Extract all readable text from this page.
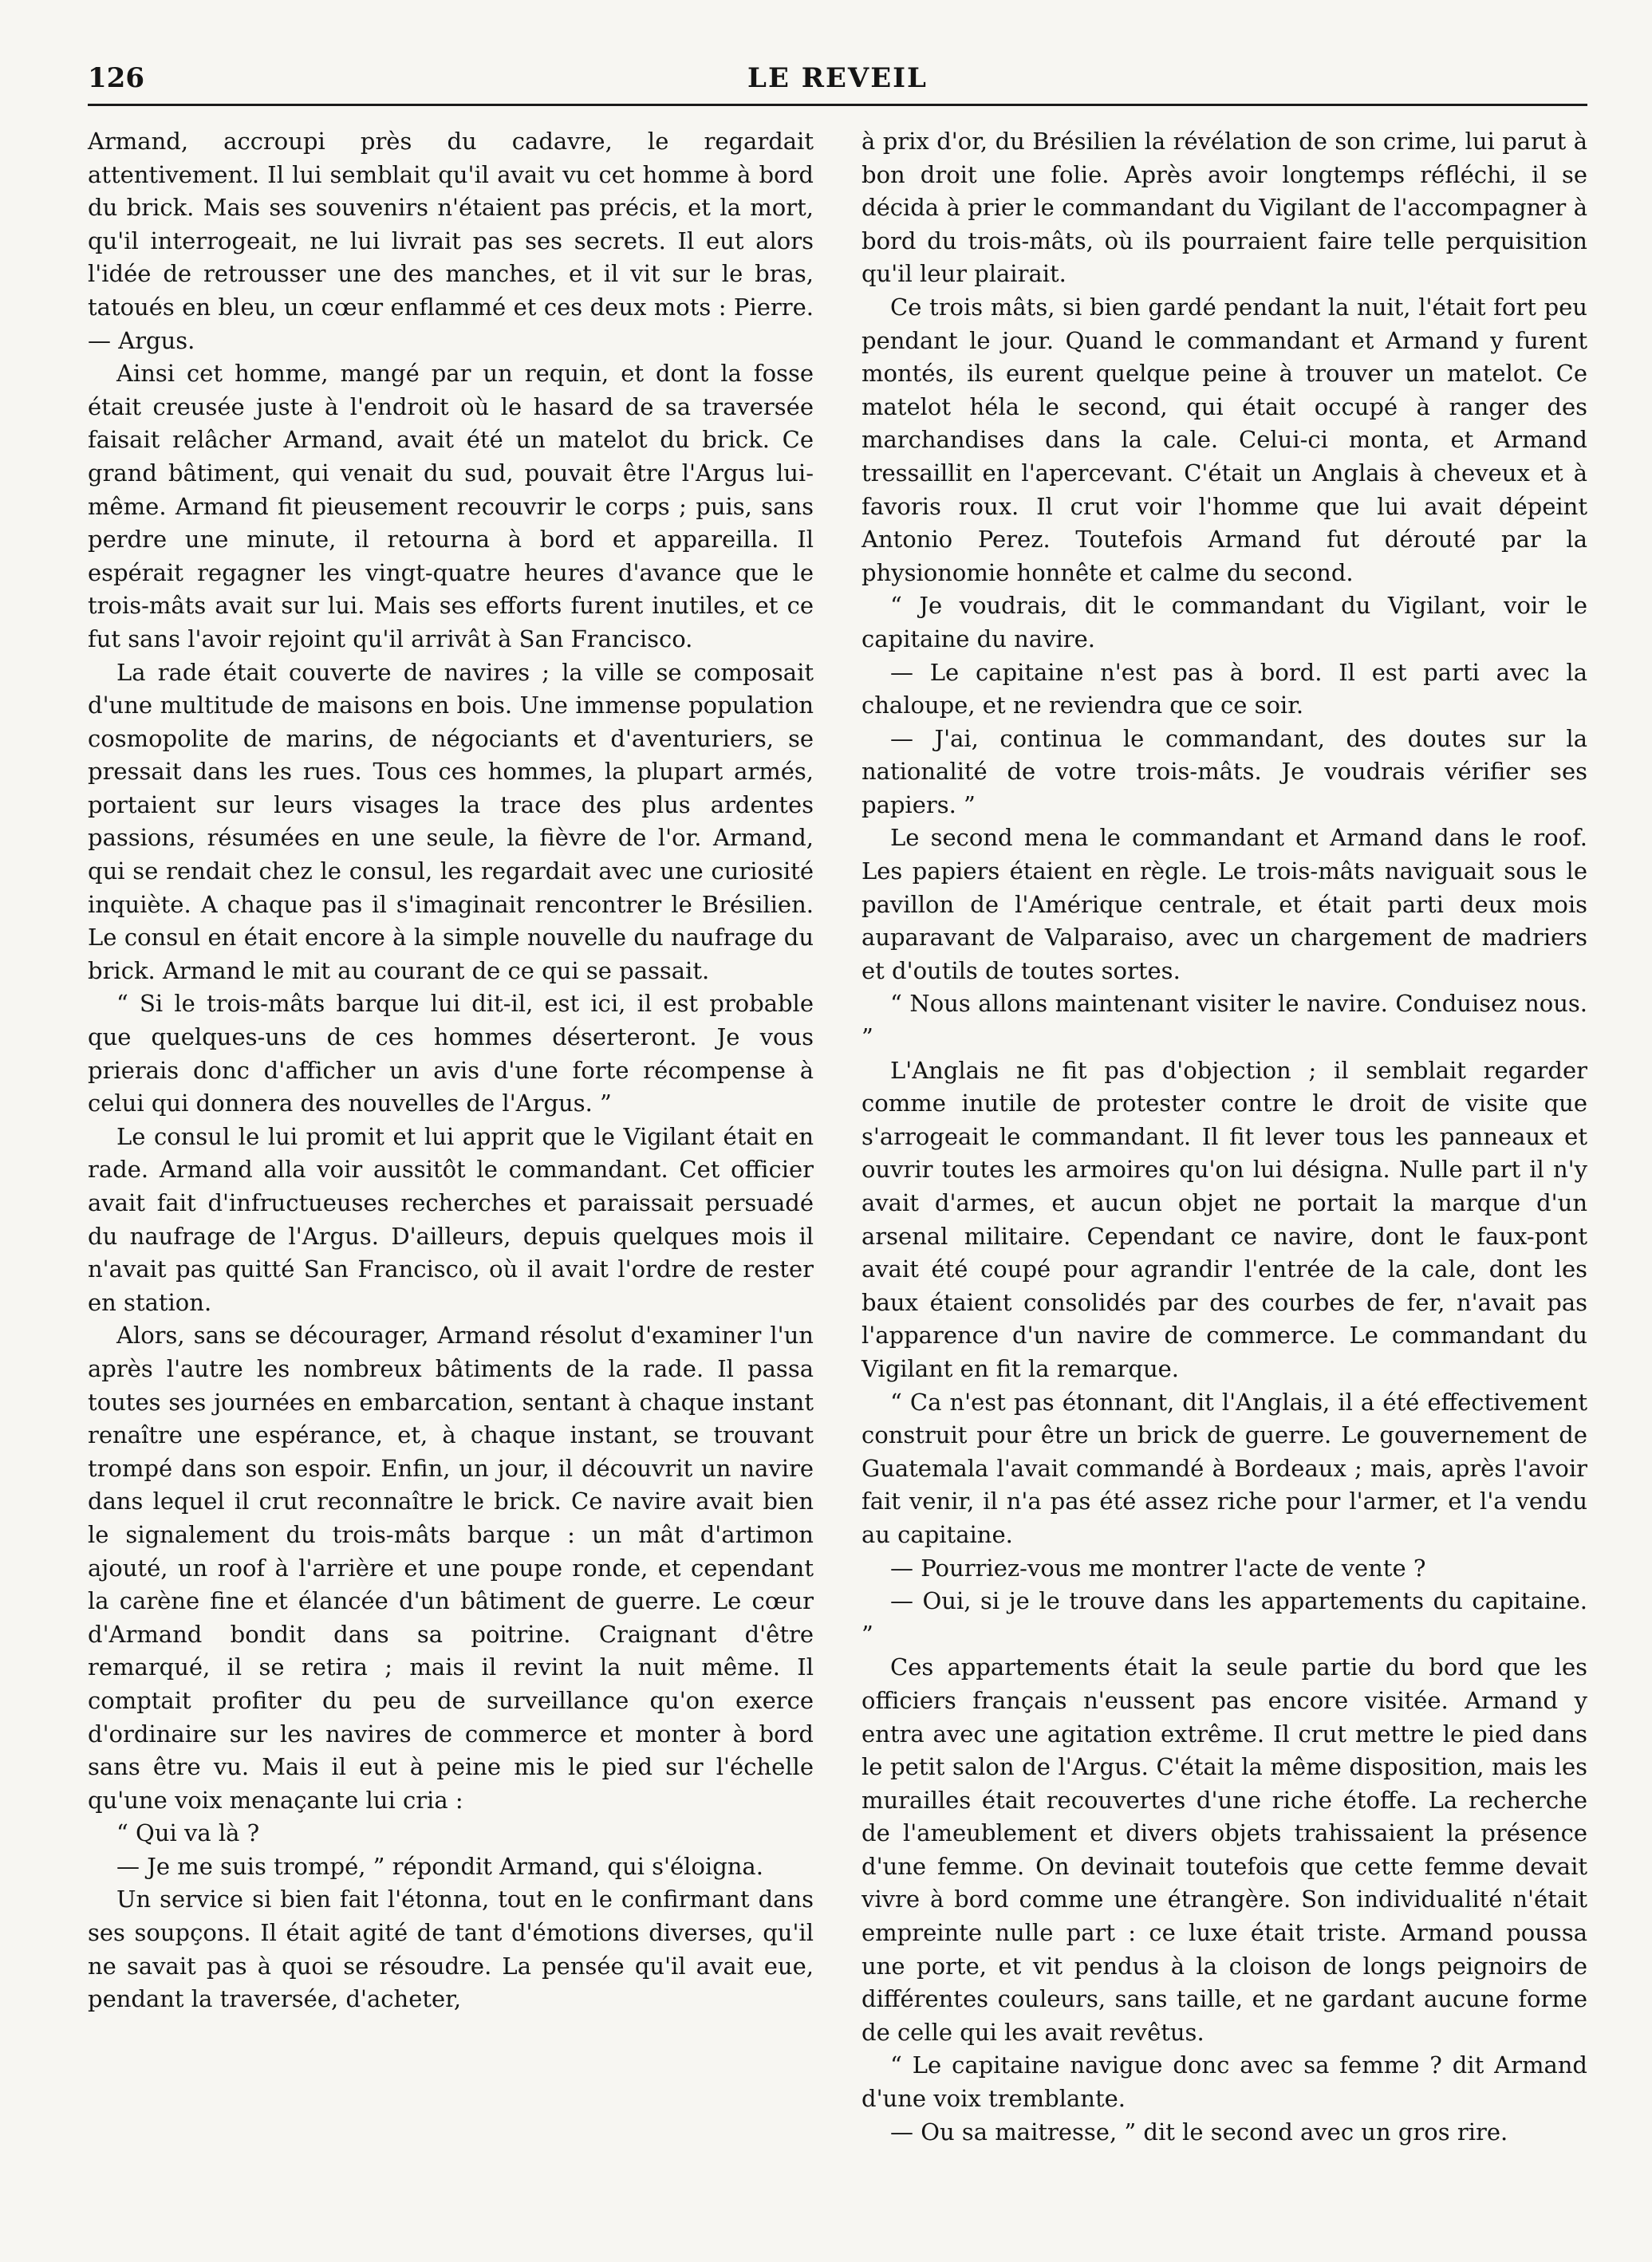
126	LE REVEIL

Armand, accroupi près du cadavre, le regardait attentivement. Il lui semblait qu'il avait vu cet homme à bord du brick. Mais ses souvenirs n'étaient pas précis, et la mort, qu'il interrogeait, ne lui livrait pas ses secrets. Il eut alors l'idée de retrousser une des manches, et il vit sur le bras, tatoués en bleu, un cœur enflammé et ces deux mots : Pierre. — Argus.

Ainsi cet homme, mangé par un requin, et dont la fosse était creusée juste à l'endroit où le hasard de sa traversée faisait relâcher Armand, avait été un matelot du brick. Ce grand bâtiment, qui venait du sud, pouvait être l'Argus lui-même. Armand fit pieusement recouvrir le corps ; puis, sans perdre une minute, il retourna à bord et appareilla. Il espérait regagner les vingt-quatre heures d'avance que le trois-mâts avait sur lui. Mais ses efforts furent inutiles, et ce fut sans l'avoir rejoint qu'il arrivât à San Francisco.

La rade était couverte de navires ; la ville se composait d'une multitude de maisons en bois. Une immense population cosmopolite de marins, de négociants et d'aventuriers, se pressait dans les rues. Tous ces hommes, la plupart armés, portaient sur leurs visages la trace des plus ardentes passions, résumées en une seule, la fièvre de l'or. Armand, qui se rendait chez le consul, les regardait avec une curiosité inquiète. A chaque pas il s'imaginait rencontrer le Brésilien. Le consul en était encore à la simple nouvelle du naufrage du brick. Armand le mit au courant de ce qui se passait.

“ Si le trois-mâts barque lui dit-il, est ici, il est probable que quelques-uns de ces hommes déserteront. Je vous prierais donc d'afficher un avis d'une forte récompense à celui qui donnera des nouvelles de l'Argus. ”

Le consul le lui promit et lui apprit que le Vigilant était en rade. Armand alla voir aussitôt le commandant. Cet officier avait fait d'infructueuses recherches et paraissait persuadé du naufrage de l'Argus. D'ailleurs, depuis quelques mois il n'avait pas quitté San Francisco, où il avait l'ordre de rester en station.

Alors, sans se décourager, Armand résolut d'examiner l'un après l'autre les nombreux bâtiments de la rade. Il passa toutes ses journées en embarcation, sentant à chaque instant renaître une espérance, et, à chaque instant, se trouvant trompé dans son espoir. Enfin, un jour, il découvrit un navire dans lequel il crut reconnaître le brick. Ce navire avait bien le signalement du trois-mâts barque : un mât d'artimon ajouté, un roof à l'arrière et une poupe ronde, et cependant la carène fine et élancée d'un bâtiment de guerre. Le cœur d'Armand bondit dans sa poitrine. Craignant d'être remarqué, il se retira ; mais il revint la nuit même. Il comptait profiter du peu de surveillance qu'on exerce d'ordinaire sur les navires de commerce et monter à bord sans être vu. Mais il eut à peine mis le pied sur l'échelle qu'une voix menaçante lui cria :

“ Qui va là ?

— Je me suis trompé, ” répondit Armand, qui s'éloigna.

Un service si bien fait l'étonna, tout en le confirmant dans ses soupçons. Il était agité de tant d'émotions diverses, qu'il ne savait pas à quoi se résoudre. La pensée qu'il avait eue, pendant la traversée, d'acheter,

à prix d'or, du Brésilien la révélation de son crime, lui parut à bon droit une folie. Après avoir longtemps réfléchi, il se décida à prier le commandant du Vigilant de l'accompagner à bord du trois-mâts, où ils pourraient faire telle perquisition qu'il leur plairait.

Ce trois mâts, si bien gardé pendant la nuit, l'était fort peu pendant le jour. Quand le commandant et Armand y furent montés, ils eurent quelque peine à trouver un matelot. Ce matelot héla le second, qui était occupé à ranger des marchandises dans la cale. Celui-ci monta, et Armand tressaillit en l'apercevant. C'était un Anglais à cheveux et à favoris roux. Il crut voir l'homme que lui avait dépeint Antonio Perez. Toutefois Armand fut dérouté par la physionomie honnête et calme du second.

“ Je voudrais, dit le commandant du Vigilant, voir le capitaine du navire.

— Le capitaine n'est pas à bord. Il est parti avec la chaloupe, et ne reviendra que ce soir.

— J'ai, continua le commandant, des doutes sur la nationalité de votre trois-mâts. Je voudrais vérifier ses papiers. ”

Le second mena le commandant et Armand dans le roof. Les papiers étaient en règle. Le trois-mâts naviguait sous le pavillon de l'Amérique centrale, et était parti deux mois auparavant de Valparaiso, avec un chargement de madriers et d'outils de toutes sortes.

“ Nous allons maintenant visiter le navire. Conduisez nous. ”

L'Anglais ne fit pas d'objection ; il semblait regarder comme inutile de protester contre le droit de visite que s'arrogeait le commandant. Il fit lever tous les panneaux et ouvrir toutes les armoires qu'on lui désigna. Nulle part il n'y avait d'armes, et aucun objet ne portait la marque d'un arsenal militaire. Cependant ce navire, dont le faux-pont avait été coupé pour agrandir l'entrée de la cale, dont les baux étaient consolidés par des courbes de fer, n'avait pas l'apparence d'un navire de commerce. Le commandant du Vigilant en fit la remarque.

“ Ca n'est pas étonnant, dit l'Anglais, il a été effectivement construit pour être un brick de guerre. Le gouvernement de Guatemala l'avait commandé à Bordeaux ; mais, après l'avoir fait venir, il n'a pas été assez riche pour l'armer, et l'a vendu au capitaine.

— Pourriez-vous me montrer l'acte de vente ?

— Oui, si je le trouve dans les appartements du capitaine. ”

Ces appartements était la seule partie du bord que les officiers français n'eussent pas encore visitée. Armand y entra avec une agitation extrême. Il crut mettre le pied dans le petit salon de l'Argus. C'était la même disposition, mais les murailles était recouvertes d'une riche étoffe. La recherche de l'ameublement et divers objets trahissaient la présence d'une femme. On devinait toutefois que cette femme devait vivre à bord comme une étrangère. Son individualité n'était empreinte nulle part : ce luxe était triste. Armand poussa une porte, et vit pendus à la cloison de longs peignoirs de différentes couleurs, sans taille, et ne gardant aucune forme de celle qui les avait revêtus.

“ Le capitaine navigue donc avec sa femme ? dit Armand d'une voix tremblante.

— Ou sa maitresse, ” dit le second avec un gros rire.
